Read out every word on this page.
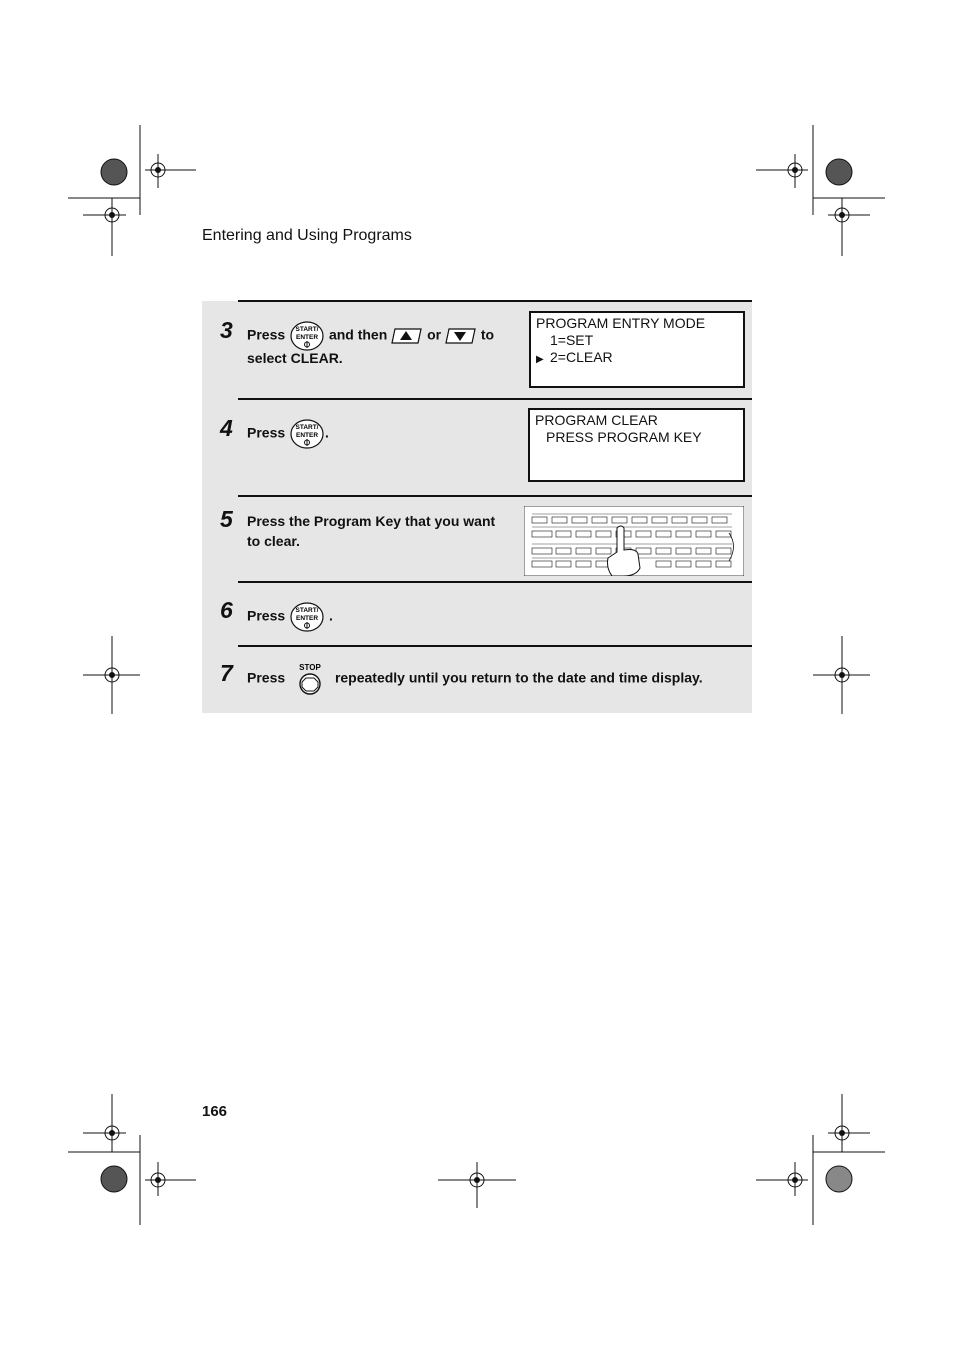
Entering and Using Programs
3 Press START/
ENTER and then	or	to
select CLEAR.
PROGRAM ENTRY MODE
1=SET
▶ 2=CLEAR
4 Press START/
ENTER .
PROGRAM CLEAR
PRESS PROGRAM KEY
5 Press the Program Key that you want
to clear.
6 Press START/
ENTER .
7 Press
STOP
repeatedly until you return to the date and time display.
166
